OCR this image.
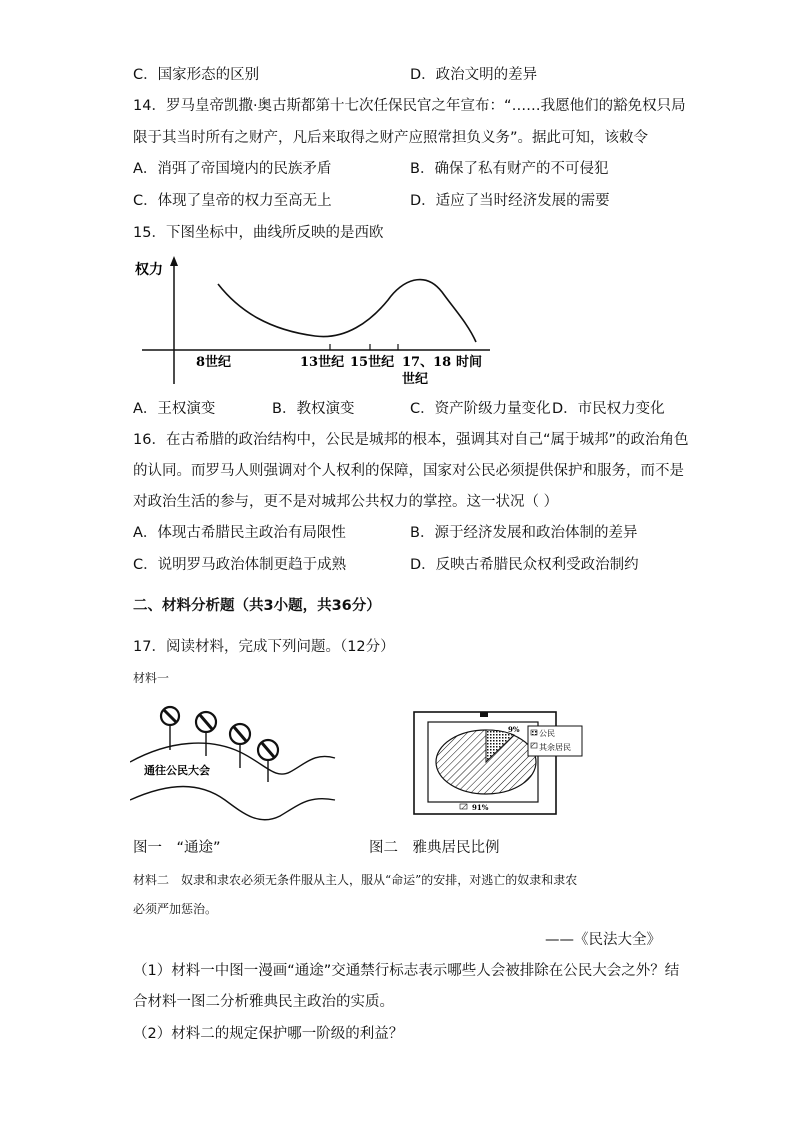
C．国家形态的区别	D．政治文明的差异
14．罗马皇帝凯撒·奥古斯都第十七次任保民官之年宣布：“……我愿他们的豁免权只局
限于其当时所有之财产，凡后来取得之财产应照常担负义务”。据此可知，该敕令
A．消弭了帝国境内的民族矛盾	B．确保了私有财产的不可侵犯
C．体现了皇帝的权力至高无上	D．适应了当时经济发展的需要
15．下图坐标中，曲线所反映的是西欧
权力
8世纪	13世纪 15世纪 17、18 时间
世纪
A．王权演变	B．教权演变	C．资产阶级力量变化 D．市民权力变化
16．在古希腊的政治结构中，公民是城邦的根本，强调其对自己“属于城邦”的政治角色
的认同。而罗马人则强调对个人权利的保障，国家对公民必须提供保护和服务，而不是
对政治生活的参与，更不是对城邦公共权力的掌控。这一状况（ ）
A．体现古希腊民主政治有局限性	B．源于经济发展和政治体制的差异
C．说明罗马政治体制更趋于成熟	D．反映古希腊民众权利受政治制约
二、材料分析题（共3小题，共36分）
17．阅读材料，完成下列问题。（12分）
材料一
通往公民大会
9%
91%
公民
其余居民
图一　“通途”	图二　雅典居民比例
材料二　奴隶和隶农必须无条件服从主人，服从“命运”的安排，对逃亡的奴隶和隶农
必须严加惩治。
——《民法大全》
（1）材料一中图一漫画“通途”交通禁行标志表示哪些人会被排除在公民大会之外？结
合材料一图二分析雅典民主政治的实质。
（2）材料二的规定保护哪一阶级的利益？
